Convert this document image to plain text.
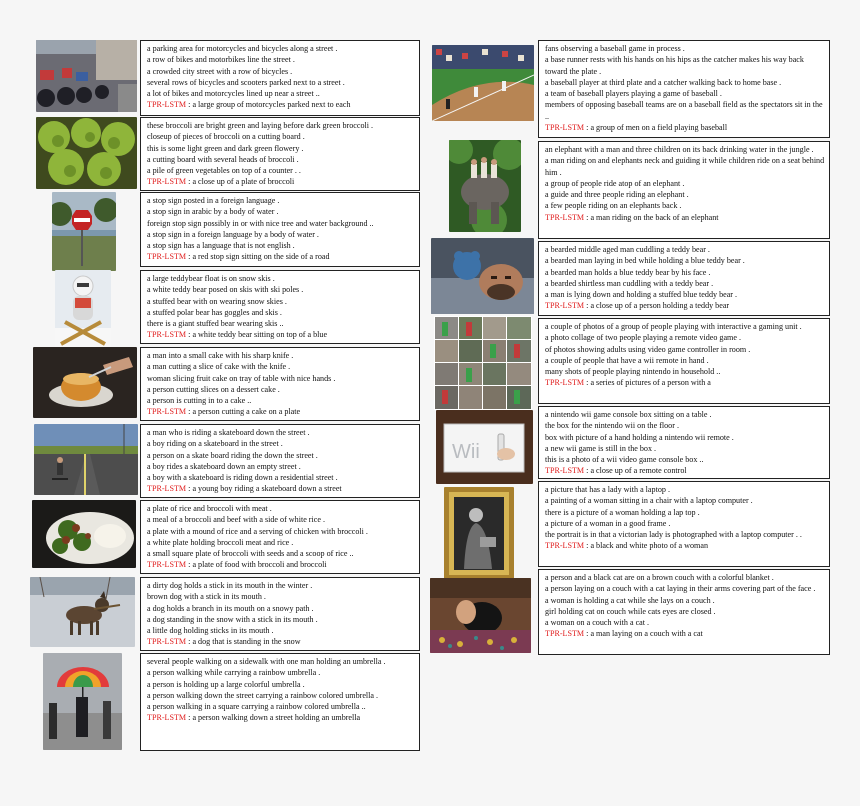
a parking area for motorcycles and bicycles along a street .
a row of bikes and motorbikes line the street .
a crowded city street with a row of bicycles .
several rows of bicycles and scooters parked next to a street .
a lot of bikes and motorcycles lined up near a street ..
TPR-LSTM : a large group of motorcycles parked next to each
these broccoli are bright green and laying before dark green broccoli .
closeup of pieces of broccoli on a cutting board .
this is some light green and dark green flowery .
a cutting board with several heads of broccoli .
a pile of green vegetables on top of a counter . .
TPR-LSTM : a close up of a plate of broccoli
a stop sign posted in a foreign language .
a stop sign in arabic by a body of water .
foreign stop sign possibly in or with nice tree and water background ..
a stop sign in a foreign language by a body of water .
a stop sign has a language that is not english .
TPR-LSTM : a red stop sign sitting on the side of a road
a large teddybear float is on snow skis .
a white teddy bear posed on skis with ski poles .
a stuffed bear with on wearing snow skies .
a stuffed polar bear has goggles and skis .
there is a giant stuffed bear wearing skis ..
TPR-LSTM : a white teddy bear sitting on top of a blue
a man into a small cake with his sharp knife .
a man cutting a slice of cake with the knife .
woman slicing fruit cake on tray of table with nice hands .
a person cutting slices on a dessert cake .
a person is cutting in to a cake ..
TPR-LSTM : a person cutting a cake on a plate
a man who is riding a skateboard down the street .
a boy riding on a skateboard in the street .
a person on a skate board riding the down the street .
a boy rides a skateboard down an empty street .
a boy with a skateboard is riding down a residential street .
TPR-LSTM : a young boy riding a skateboard down a street
a plate of rice and broccoli with meat .
a meal of a broccoli and beef with a side of white rice .
a plate with a mound of rice and a serving of chicken with broccoli .
a white plate holding broccoli meat and rice .
a small square plate of broccoli with seeds and a scoop of rice ..
TPR-LSTM : a plate of food with broccoli and broccoli
a dirty dog holds a stick in its mouth in the winter .
brown dog with a stick in its mouth .
a dog holds a branch in its mouth on a snowy path .
a dog standing in the snow with a stick in its mouth .
a little dog holding sticks in its mouth .
TPR-LSTM : a dog that is standing in the snow
several people walking on a sidewalk with one man holding an umbrella .
a person walking while carrying a rainbow umbrella .
a person is holding up a large colorful umbrella .
a person walking down the street carrying a rainbow colored umbrella .
a person walking in a square carrying a rainbow colored umbrella ..
TPR-LSTM : a person walking down a street holding an umbrella
fans observing a baseball game in process .
a base runner rests with his hands on his hips as the catcher makes his way back toward the plate .
a baseball player at third plate and a catcher walking back to home base .
a team of baseball players playing a game of baseball .
members of opposing baseball teams are on a baseball field as the spectators sit in the ..
TPR-LSTM : a group of men on a field playing baseball
an elephant with a man and three children on its back drinking water in the jungle .
a man riding on and elephants neck and guiding it while children ride on a seat behind him .
a group of people ride atop of an elephant .
a guide and three people riding an elephant .
a few people riding on an elephants back .
TPR-LSTM : a man riding on the back of an elephant
a bearded middle aged man cuddling a teddy bear .
a bearded man laying in bed while holding a blue teddy bear .
a bearded man holds a blue teddy bear by his face .
a bearded shirtless man cuddling with a teddy bear .
a man is lying down and holding a stuffed blue teddy bear .
TPR-LSTM : a close up of a person holding a teddy bear
a couple of photos of a group of people playing with interactive a gaming unit .
a photo collage of two people playing a remote video game .
of photos showing adults using video game controller in room .
a couple of people that have a wii remote in hand .
many shots of people playing nintendo in household ..
TPR-LSTM : a series of pictures of a person with a
Wii
a nintendo wii game console box sitting on a table .
the box for the nintendo wii on the floor .
box with picture of a hand holding a nintendo wii remote .
a new wii game is still in the box .
this is a photo of a wii video game console box ..
TPR-LSTM : a close up of a remote control
a picture that has a lady with a laptop .
a painting of a woman sitting in a chair with a laptop computer .
there is a picture of a woman holding a lap top .
a picture of a woman in a good frame .
the portrait is in that a victorian lady is photographed with a laptop computer . .
TPR-LSTM : a black and white photo of a woman
a person and a black cat are on a brown couch with a colorful blanket .
a person laying on a couch with a cat laying in their arms covering part of the face .
a woman is holding a cat while she lays on a couch .
girl holding cat on couch while cats eyes are closed .
a woman on a couch with a cat .
TPR-LSTM : a man laying on a couch with a cat
